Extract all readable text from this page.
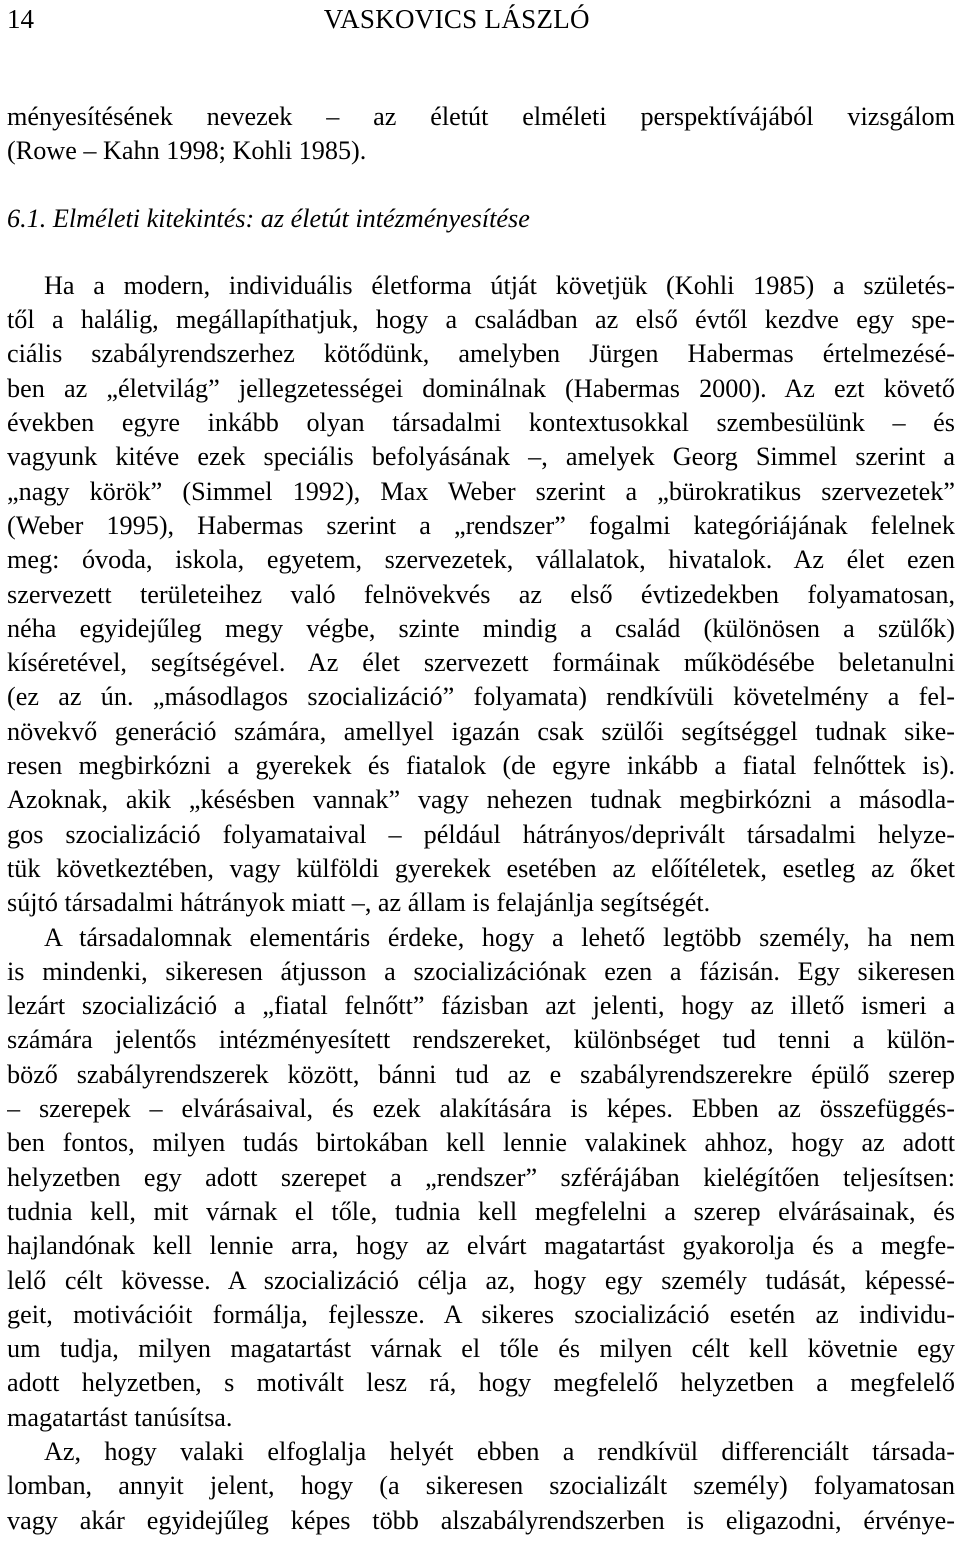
14	VASKOVICS LÁSZLÓ
ményesítésének nevezek – az életút elméleti perspektívájából vizsgálom
(Rowe – Kahn 1998; Kohli 1985).
6.1. Elméleti kitekintés: az életút intézményesítése
Ha a modern, individuális életforma útját követjük (Kohli 1985) a születés-
től a halálig, megállapíthatjuk, hogy a családban az első évtől kezdve egy spe-
ciális szabályrendszerhez kötődünk, amelyben Jürgen Habermas értelmezésé-
ben az „életvilág” jellegzetességei dominálnak (Habermas 2000). Az ezt követő
években egyre inkább olyan társadalmi kontextusokkal szembesülünk – és
vagyunk kitéve ezek speciális befolyásának –, amelyek Georg Simmel szerint a
„nagy körök” (Simmel 1992), Max Weber szerint a „bürokratikus szervezetek”
(Weber 1995), Habermas szerint a „rendszer” fogalmi kategóriájának felelnek
meg: óvoda, iskola, egyetem, szervezetek, vállalatok, hivatalok. Az élet ezen
szervezett területeihez való felnövekvés az első évtizedekben folyamatosan,
néha egyidejűleg megy végbe, szinte mindig a család (különösen a szülők)
kíséretével, segítségével. Az élet szervezett formáinak működésébe beletanulni
(ez az ún. „másodlagos szocializáció” folyamata) rendkívüli követelmény a fel-
növekvő generáció számára, amellyel igazán csak szülői segítséggel tudnak sike-
resen megbirkózni a gyerekek és fiatalok (de egyre inkább a fiatal felnőttek is).
Azoknak, akik „késésben vannak” vagy nehezen tudnak megbirkózni a másodla-
gos szocializáció folyamataival – például hátrányos/deprivált társadalmi helyze-
tük következtében, vagy külföldi gyerekek esetében az előítéletek, esetleg az őket
sújtó társadalmi hátrányok miatt –, az állam is felajánlja segítségét.
A társadalomnak elementáris érdeke, hogy a lehető legtöbb személy, ha nem
is mindenki, sikeresen átjusson a szocializációnak ezen a fázisán. Egy sikeresen
lezárt szocializáció a „fiatal felnőtt” fázisban azt jelenti, hogy az illető ismeri a
számára jelentős intézményesített rendszereket, különbséget tud tenni a külön-
böző szabályrendszerek között, bánni tud az e szabályrendszerekre épülő szerep
– szerepek – elvárásaival, és ezek alakítására is képes. Ebben az összefüggés-
ben fontos, milyen tudás birtokában kell lennie valakinek ahhoz, hogy az adott
helyzetben egy adott szerepet a „rendszer” szférájában kielégítően teljesítsen:
tudnia kell, mit várnak el tőle, tudnia kell megfelelni a szerep elvárásainak, és
hajlandónak kell lennie arra, hogy az elvárt magatartást gyakorolja és a megfe-
lelő célt kövesse. A szocializáció célja az, hogy egy személy tudását, képessé-
geit, motivációit formálja, fejlessze. A sikeres szocializáció esetén az individu-
um tudja, milyen magatartást várnak el tőle és milyen célt kell követnie egy
adott helyzetben, s motivált lesz rá, hogy megfelelő helyzetben a megfelelő
magatartást tanúsítsa.
Az, hogy valaki elfoglalja helyét ebben a rendkívül differenciált társada-
lomban, annyit jelent, hogy (a sikeresen szocializált személy) folyamatosan
vagy akár egyidejűleg képes több alszabályrendszerben is eligazodni, érvénye-
